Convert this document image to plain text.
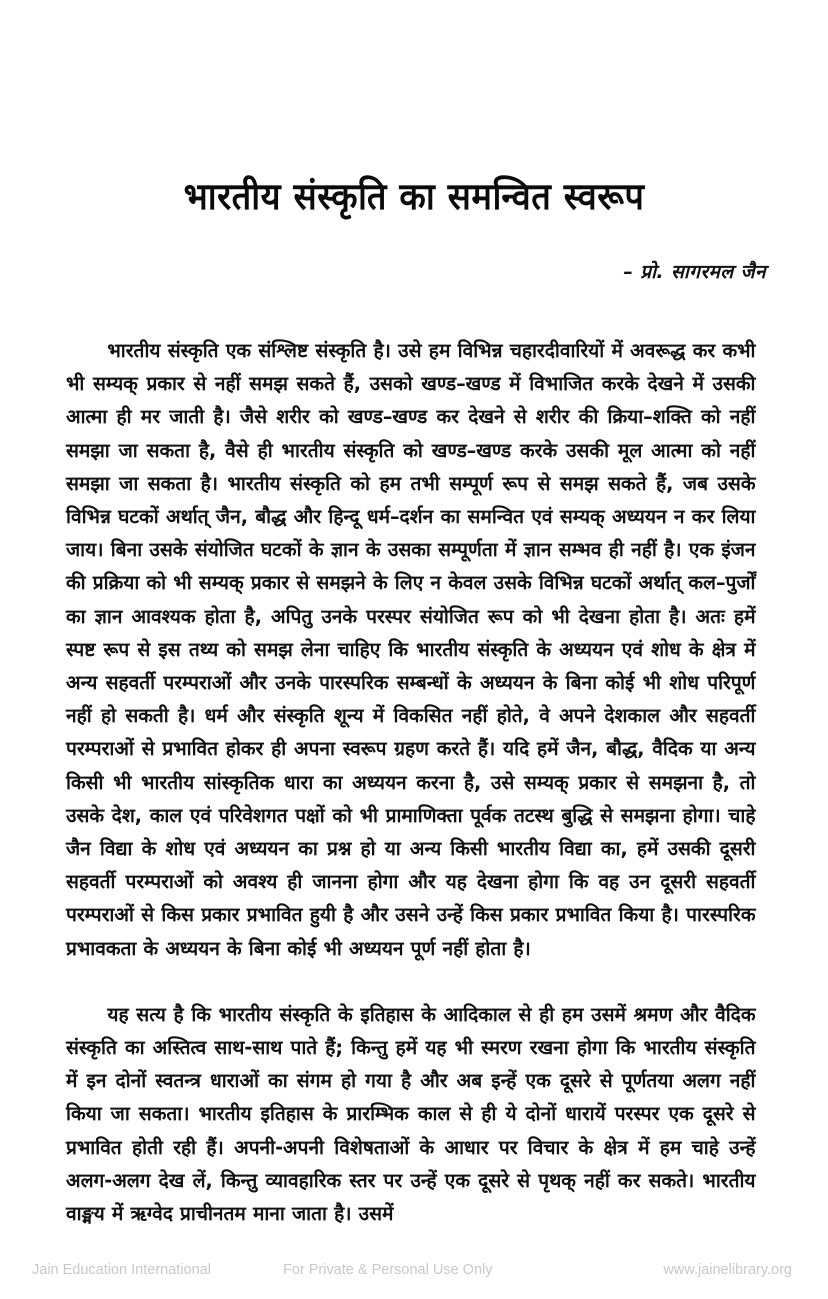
भारतीय संस्कृति का समन्वित स्वरूप
– प्रो. सागरमल जैन

भारतीय संस्कृति एक संश्लिष्ट संस्कृति है। उसे हम विभिन्न चहारदीवारियों में अवरूद्ध कर कभी भी सम्यक् प्रकार से नहीं समझ सकते हैं, उसको खण्ड–खण्ड में विभाजित करके देखने में उसकी आत्मा ही मर जाती है। जैसे शरीर को खण्ड–खण्ड कर देखने से शरीर की क्रिया–शक्ति को नहीं समझा जा सकता है, वैसे ही भारतीय संस्कृति को खण्ड–खण्ड करके उसकी मूल आत्मा को नहीं समझा जा सकता है। भारतीय संस्कृति को हम तभी सम्पूर्ण रूप से समझ सकते हैं, जब उसके विभिन्न घटकों अर्थात् जैन, बौद्ध और हिन्दू धर्म–दर्शन का समन्वित एवं सम्यक् अध्ययन न कर लिया जाय। बिना उसके संयोजित घटकों के ज्ञान के उसका सम्पूर्णता में ज्ञान सम्भव ही नहीं है। एक इंजन की प्रक्रिया को भी सम्यक् प्रकार से समझने के लिए न केवल उसके विभिन्न घटकों अर्थात् कल–पुर्जों का ज्ञान आवश्यक होता है, अपितु उनके परस्पर संयोजित रूप को भी देखना होता है। अतः हमें स्पष्ट रूप से इस तथ्य को समझ लेना चाहिए कि भारतीय संस्कृति के अध्ययन एवं शोध के क्षेत्र में अन्य सहवर्ती परम्पराओं और उनके पारस्परिक सम्बन्धों के अध्ययन के बिना कोई भी शोध परिपूर्ण नहीं हो सकती है। धर्म और संस्कृति शून्य में विकसित नहीं होते, वे अपने देशकाल और सहवर्ती परम्पराओं से प्रभावित होकर ही अपना स्वरूप ग्रहण करते हैं। यदि हमें जैन, बौद्ध, वैदिक या अन्य किसी भी भारतीय सांस्कृतिक धारा का अध्ययन करना है, उसे सम्यक् प्रकार से समझना है, तो उसके देश, काल एवं परिवेशगत पक्षों को भी प्रामाणिक्ता पूर्वक तटस्थ बुद्धि से समझना होगा। चाहे जैन विद्या के शोध एवं अध्ययन का प्रश्न हो या अन्य किसी भारतीय विद्या का, हमें उसकी दूसरी सहवर्ती परम्पराओं को अवश्य ही जानना होगा और यह देखना होगा कि वह उन दूसरी सहवर्ती परम्पराओं से किस प्रकार प्रभावित हुयी है और उसने उन्हें किस प्रकार प्रभावित किया है। पारस्परिक प्रभावकता के अध्ययन के बिना कोई भी अध्ययन पूर्ण नहीं होता है।

यह सत्य है कि भारतीय संस्कृति के इतिहास के आदिकाल से ही हम उसमें श्रमण और वैदिक संस्कृति का अस्तित्व साथ-साथ पाते हैं; किन्तु हमें यह भी स्मरण रखना होगा कि भारतीय संस्कृति में इन दोनों स्वतन्त्र धाराओं का संगम हो गया है और अब इन्हें एक दूसरे से पूर्णतया अलग नहीं किया जा सकता। भारतीय इतिहास के प्रारम्भिक काल से ही ये दोनों धारायें परस्पर एक दूसरे से प्रभावित होती रही हैं। अपनी-अपनी विशेषताओं के आधार पर विचार के क्षेत्र में हम चाहे उन्हें अलग-अलग देख लें, किन्तु व्यावहारिक स्तर पर उन्हें एक दूसरे से पृथक् नहीं कर सकते। भारतीय वाङ्मय में ऋग्वेद प्राचीनतम माना जाता है। उसमें

Jain Education International	For Private & Personal Use Only	www.jainelibrary.org
